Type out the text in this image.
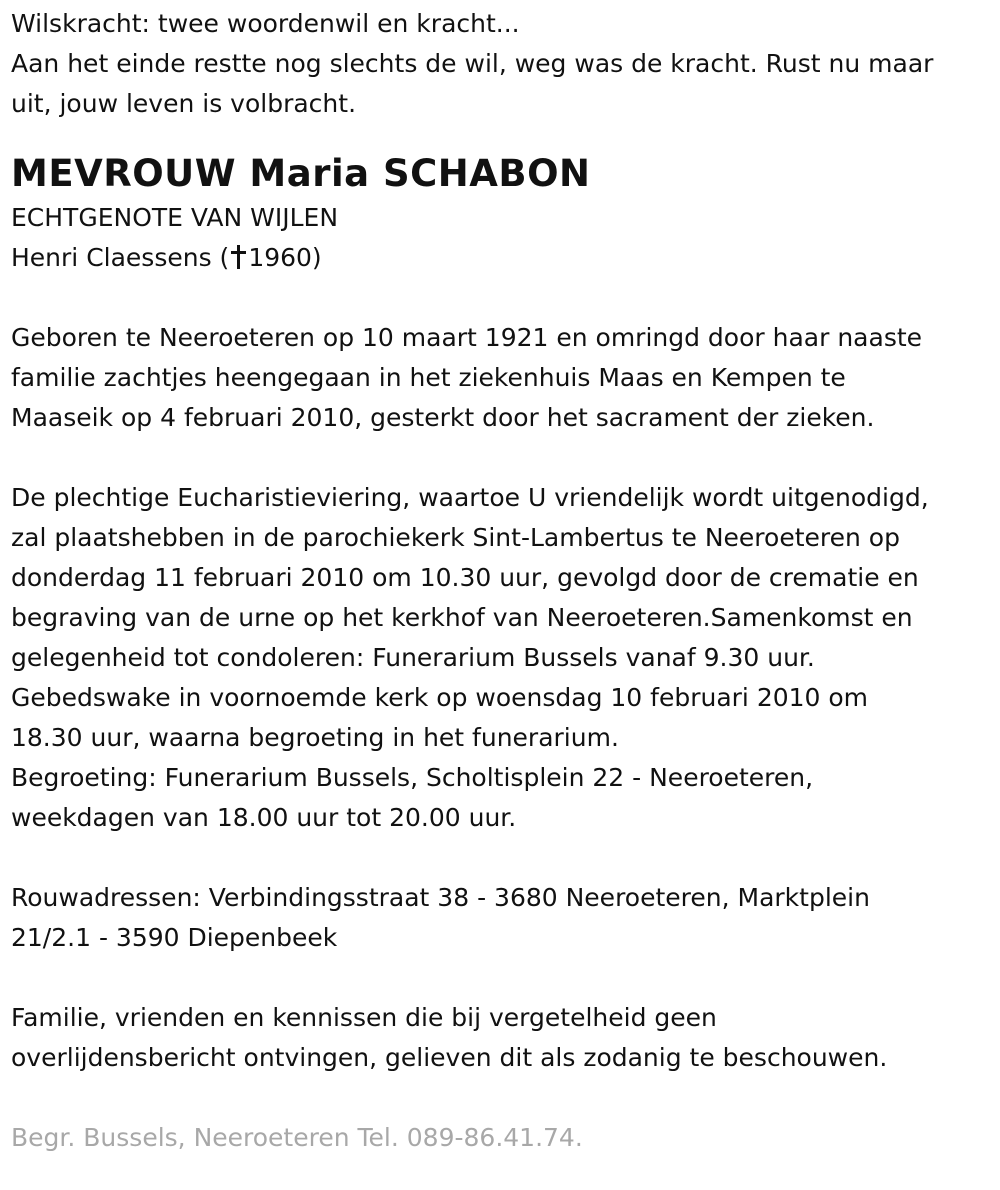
Wilskracht: twee woordenwil en kracht...
Aan het einde restte nog slechts de wil, weg was de kracht. Rust nu maar
uit, jouw leven is volbracht.
MEVROUW Maria SCHABON
ECHTGENOTE VAN WIJLEN
Henri Claessens ( 1960)
Geboren te Neeroeteren op 10 maart 1921 en omringd door haar naaste
familie zachtjes heengegaan in het ziekenhuis Maas en Kempen te
Maaseik op 4 februari 2010, gesterkt door het sacrament der zieken.
De plechtige Eucharistieviering, waartoe U vriendelijk wordt uitgenodigd,
zal plaatshebben in de parochiekerk Sint-Lambertus te Neeroeteren op
donderdag 11 februari 2010 om 10.30 uur, gevolgd door de crematie en
begraving van de urne op het kerkhof van Neeroeteren.Samenkomst en
gelegenheid tot condoleren: Funerarium Bussels vanaf 9.30 uur.
Gebedswake in voornoemde kerk op woensdag 10 februari 2010 om
18.30 uur, waarna begroeting in het funerarium.
Begroeting: Funerarium Bussels, Scholtisplein 22 - Neeroeteren,
weekdagen van 18.00 uur tot 20.00 uur.
Rouwadressen: Verbindingsstraat 38 - 3680 Neeroeteren, Marktplein
21/2.1 - 3590 Diepenbeek
Familie, vrienden en kennissen die bij vergetelheid geen
overlijdensbericht ontvingen, gelieven dit als zodanig te beschouwen.
Begr. Bussels, Neeroeteren Tel. 089-86.41.74.
